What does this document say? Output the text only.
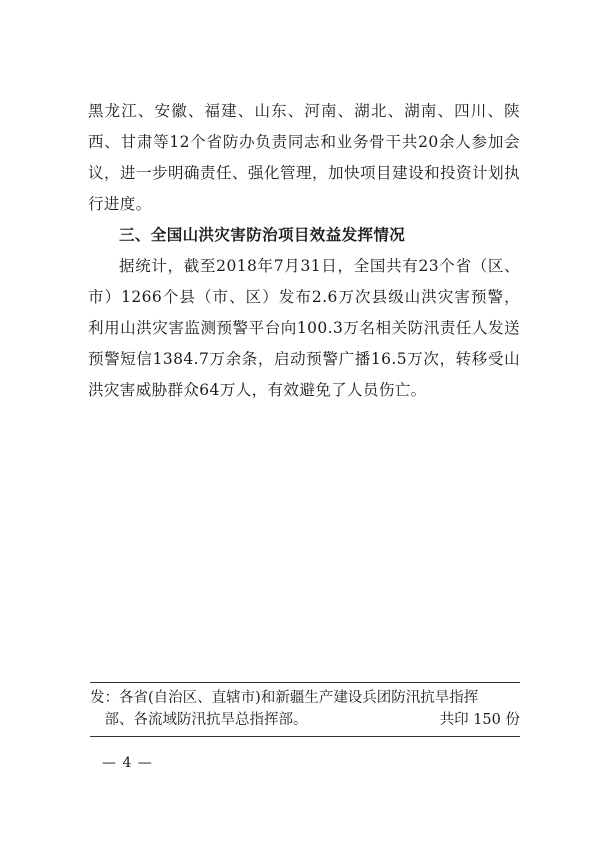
黑龙江、安徽、福建、山东、河南、湖北、湖南、四川、陕西、甘肃等12个省防办负责同志和业务骨干共20余人参加会议，进一步明确责任、强化管理，加快项目建设和投资计划执行进度。

三、全国山洪灾害防治项目效益发挥情况

据统计，截至2018年7月31日，全国共有23个省（区、市）1266个县（市、区）发布2.6万次县级山洪灾害预警，利用山洪灾害监测预警平台向100.3万名相关防汛责任人发送预警短信1384.7万余条，启动预警广播16.5万次，转移受山洪灾害威胁群众64万人，有效避免了人员伤亡。

发：各省(自治区、直辖市)和新疆生产建设兵团防汛抗旱指挥
部、各流域防汛抗旱总指挥部。	共印 150 份
— 4 —
